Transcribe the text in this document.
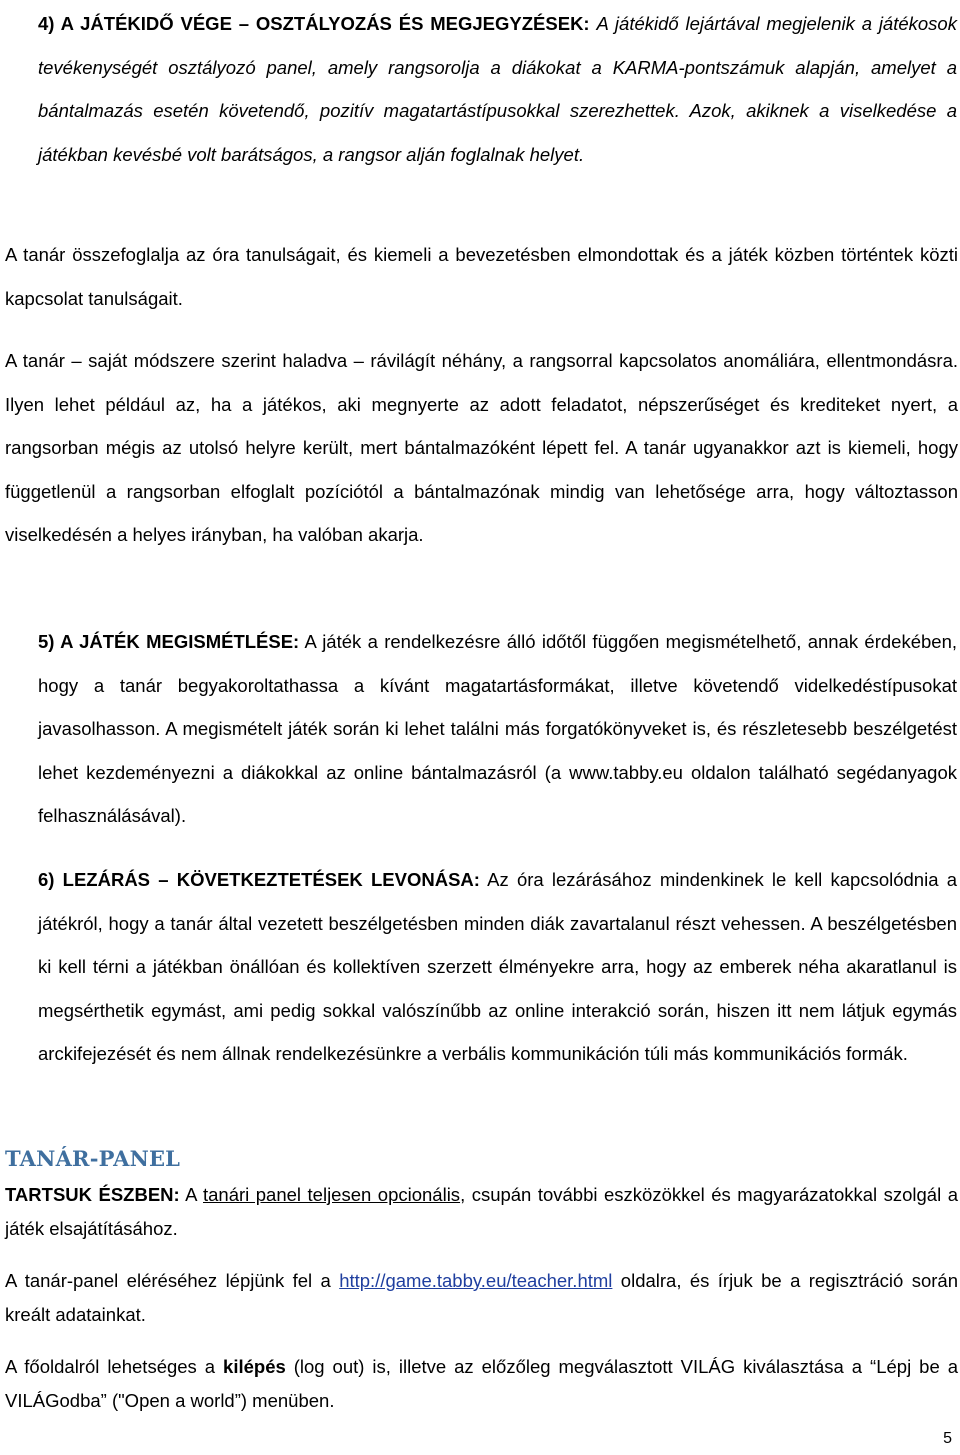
4) A JÁTÉKIDŐ VÉGE – OSZTÁLYOZÁS ÉS MEGJEGYZÉSEK: A játékidő lejártával megjelenik a játékosok tevékenységét osztályozó panel, amely rangsorolja a diákokat a KARMA-pontszámuk alapján, amelyet a bántalmazás esetén követendő, pozitív magatartástípusokkal szerezhettek. Azok, akiknek a viselkedése a játékban kevésbé volt barátságos, a rangsor alján foglalnak helyet.
A tanár összefoglalja az óra tanulságait, és kiemeli a bevezetésben elmondottak és a játék közben történtek közti kapcsolat tanulságait.
A tanár – saját módszere szerint haladva – rávilágít néhány, a rangsorral kapcsolatos anomáliára, ellentmondásra. Ilyen lehet például az, ha a játékos, aki megnyerte az adott feladatot, népszerűséget és krediteket nyert, a rangsorban mégis az utolsó helyre került, mert bántalmazóként lépett fel. A tanár ugyanakkor azt is kiemeli, hogy függetlenül a rangsorban elfoglalt pozíciótól a bántalmazónak mindig van lehetősége arra, hogy változtasson viselkedésén a helyes irányban, ha valóban akarja.
5) A JÁTÉK MEGISMÉTLÉSE: A játék a rendelkezésre álló időtől függően megismételhető, annak érdekében, hogy a tanár begyakoroltathassa a kívánt magatartásformákat, illetve követendő videlkedéstípusokat javasolhasson. A megismételt játék során ki lehet találni más forgatókönyveket is, és részletesebb beszélgetést lehet kezdeményezni a diákokkal az online bántalmazásról (a www.tabby.eu oldalon található segédanyagok felhasználásával).
6) LEZÁRÁS – KÖVETKEZTETÉSEK LEVONÁSA: Az óra lezárásához mindenkinek le kell kapcsolódnia a játékról, hogy a tanár által vezetett beszélgetésben minden diák zavartalanul részt vehessen. A beszélgetésben ki kell térni a játékban önállóan és kollektíven szerzett élményekre arra, hogy az emberek néha akaratlanul is megsérthetik egymást, ami pedig sokkal valószínűbb az online interakció során, hiszen itt nem látjuk egymás arckifejezését és nem állnak rendelkezésünkre a verbális kommunikáción túli más kommunikációs formák.
TANÁR-PANEL
TARTSUK ÉSZBEN: A tanári panel teljesen opcionális, csupán további eszközökkel és magyarázatokkal szolgál a játék elsajátításához.
A tanár-panel eléréséhez lépjünk fel a http://game.tabby.eu/teacher.html oldalra, és írjuk be a regisztráció során kreált adatainkat.
A főoldalról lehetséges a kilépés (log out) is, illetve az előzőleg megválasztott VILÁG kiválasztása a “Lépj be a VILÁGodba” ("Open a world”) menüben.
5
